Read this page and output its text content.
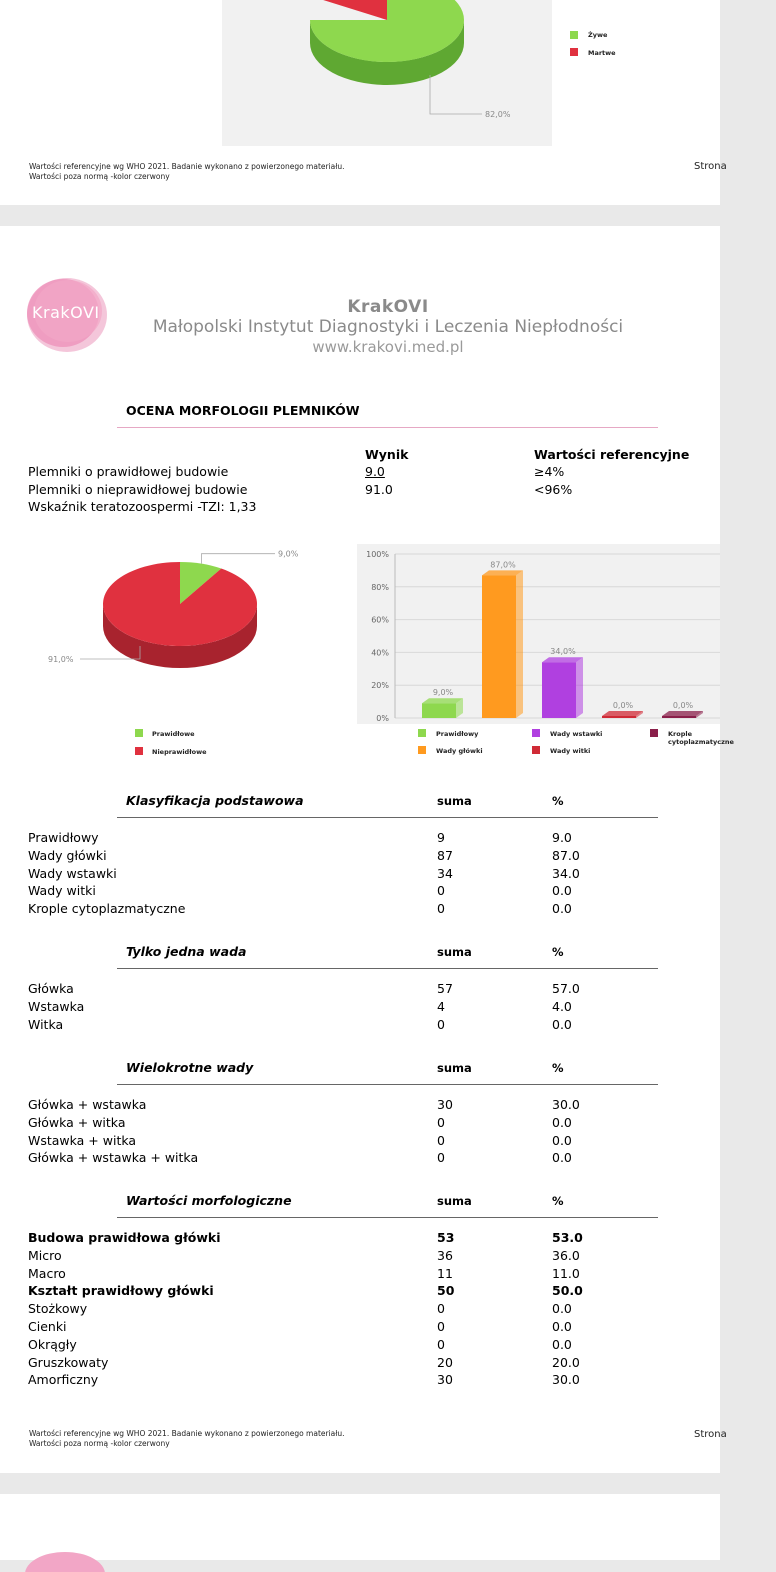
82,0%
Żywe
Martwe
Wartości referencyjne wg WHO 2021. Badanie wykonano z powierzonego materiału.
Wartości poza normą -kolor czerwony
Strona
KrakOVI	KrakOVI
Małopolski Instytut Diagnostyki i Leczenia Niepłodności
www.krakovi.med.pl
OCENA MORFOLOGII PLEMNIKÓW
Wynik	Wartości referencyjne
Plemniki o prawidłowej budowie	9.0	≥4%
Plemniki o nieprawidłowej budowie	91.0	<96%
Wskaźnik teratozoospermi -TZI: 1,33
9,0%
91,0%
Prawidłowe
Nieprawidłowe
0%
20%
40%
60%
80%
100%
9,0%
87,0%
34,0%
0,0%	0,0%
Prawidłowy
Wady główki
Wady wstawki
Wady witki
Krople cytoplazmatyczne
Klasyfikacja podstawowa	suma	%
Prawidłowy	9	9.0
Wady główki	87	87.0
Wady wstawki	34	34.0
Wady witki	0	0.0
Krople cytoplazmatyczne	0	0.0
Tylko jedna wada	suma	%
Główka	57	57.0
Wstawka	4	4.0
Witka	0	0.0
Wielokrotne wady	suma	%
Główka + wstawka	30	30.0
Główka + witka	0	0.0
Wstawka + witka	0	0.0
Główka + wstawka + witka	0	0.0
Wartości morfologiczne	suma	%
Budowa prawidłowa główki	53	53.0
Micro	36	36.0
Macro	11	11.0
Kształt prawidłowy główki	50	50.0
Stożkowy	0	0.0
Cienki	0	0.0
Okrągły	0	0.0
Gruszkowaty	20	20.0
Amorficzny	30	30.0
Wartości referencyjne wg WHO 2021. Badanie wykonano z powierzonego materiału.
Wartości poza normą -kolor czerwony
Strona
